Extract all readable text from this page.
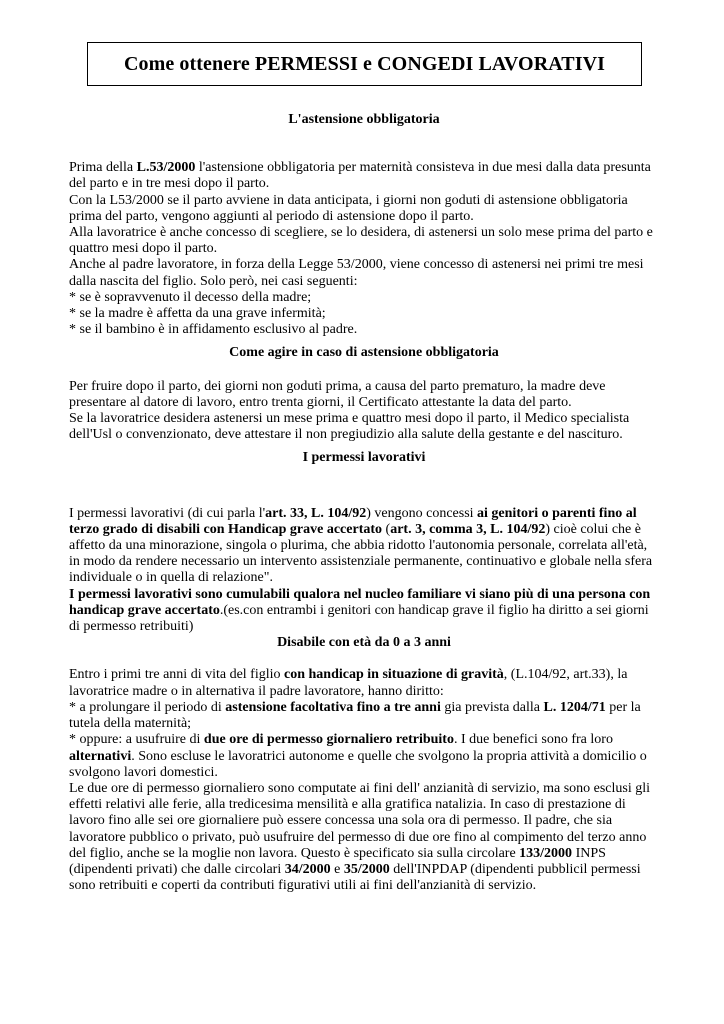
Come ottenere PERMESSI e CONGEDI LAVORATIVI
L'astensione obbligatoria

Prima della L.53/2000 l'astensione obbligatoria per maternità consisteva in due mesi dalla data presunta del parto e in tre mesi dopo il parto.

Con la L53/2000 se il parto avviene in data anticipata, i giorni non goduti di astensione obbligatoria prima del parto, vengono aggiunti al periodo di astensione dopo il parto.

Alla lavoratrice è anche concesso di scegliere, se lo desidera, di astenersi un solo mese prima del parto e quattro mesi dopo il parto.

Anche al padre lavoratore, in forza della Legge 53/2000, viene concesso di astenersi nei primi tre mesi dalla nascita del figlio. Solo però, nei casi seguenti:

* se è sopravvenuto il decesso della madre;

* se la madre è affetta da una grave infermità;

* se il bambino è in affidamento esclusivo al padre.

Come agire in caso di astensione obbligatoria

Per fruire dopo il parto, dei giorni non goduti prima, a causa del parto prematuro, la madre deve presentare al datore di lavoro, entro trenta giorni, il Certificato attestante la data del parto.

Se la lavoratrice desidera astenersi un mese prima e quattro mesi dopo il parto, il Medico specialista dell'Usl o convenzionato, deve attestare il non pregiudizio alla salute della gestante e del nascituro.

I permessi lavorativi

I permessi lavorativi (di cui parla l'art. 33, L. 104/92) vengono concessi ai genitori o parenti fino al terzo grado di disabili con Handicap grave accertato (art. 3, comma 3, L. 104/92) cioè colui che è affetto da una minorazione, singola o plurima, che abbia ridotto l'autonomia personale, correlata all'età, in modo da rendere necessario un intervento assistenziale permanente, continuativo e globale nella sfera individuale o in quella di relazione".

I permessi lavorativi sono cumulabili qualora nel nucleo familiare vi siano più di una persona con handicap grave accertato.(es.con entrambi i genitori con handicap grave il figlio ha diritto a sei giorni di permesso retribuiti)

Disabile con età da 0 a 3 anni

Entro i primi tre anni di vita del figlio con handicap in situazione di gravità, (L.104/92, art.33), la lavoratrice madre o in alternativa il padre lavoratore, hanno diritto:

* a prolungare il periodo di astensione facoltativa fino a tre anni gia prevista dalla L. 1204/71 per la tutela della maternità;

* oppure: a usufruire di due ore di permesso giornaliero retribuito. I due benefici sono fra loro alternativi. Sono escluse le lavoratrici autonome e quelle che svolgono la propria attività a domicilio o svolgono lavori domestici.

Le due ore di permesso giornaliero sono computate ai fini dell' anzianità di servizio, ma sono esclusi gli effetti relativi alle ferie, alla tredicesima mensilità e alla gratifica natalizia. In caso di prestazione di lavoro fino alle sei ore giornaliere può essere concessa una sola ora di permesso. Il padre, che sia lavoratore pubblico o privato, può usufruire del permesso di due ore fino al compimento del terzo anno del figlio, anche se la moglie non lavora. Questo è specificato sia sulla circolare 133/2000 INPS (dipendenti privati) che dalle circolari 34/2000 e 35/2000 dell'INPDAP (dipendenti pubblicil permessi sono retribuiti e coperti da contributi figurativi utili ai fini dell'anzianità di servizio.
